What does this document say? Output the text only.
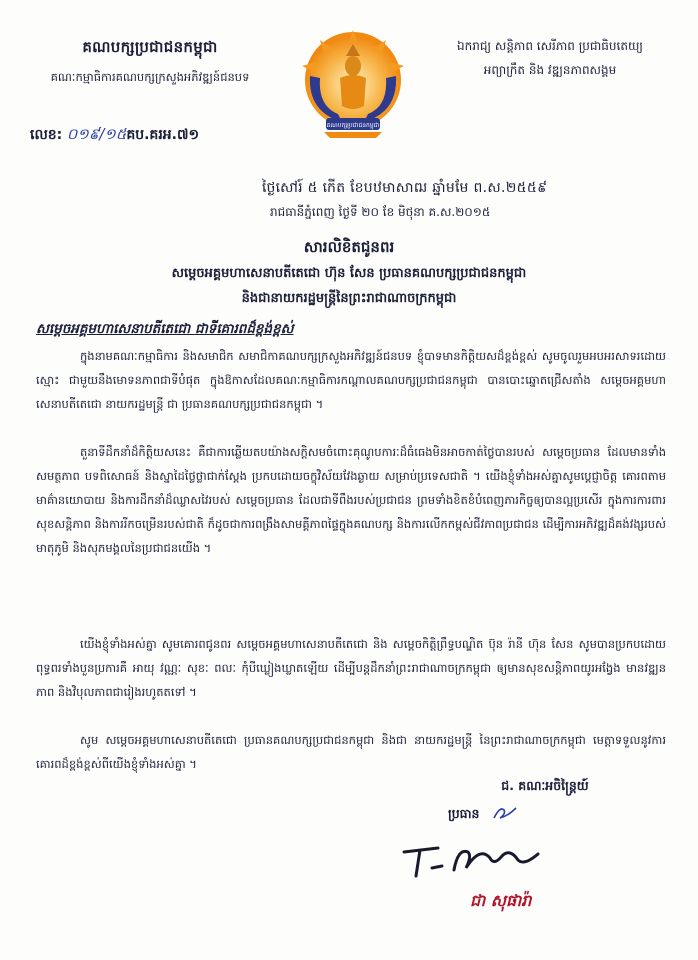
គណបក្សប្រជាជនកម្ពុជា
គណៈកម្មាធិការគណបក្សក្រសួងអភិវឌ្ឍន៍ជនបទ
គណបក្សប្រជាជនកម្ពុជា
ឯករាជ្យ សន្តិភាព សេរីភាព ប្រជាធិបតេយ្យ
អព្យាក្រឹត និង វឌ្ឍនភាពសង្គម
លេខ: ០១៩/១៥គប.គរអ.៧១
ថ្ងៃសៅរ៍ ៥ កើត ខែបឋមាសាឍ ឆ្នាំមមែ ព.ស.២៥៥៩
រាជធានីភ្នំពេញ ថ្ងៃទី ២០ ខែ មិថុនា គ.ស.២០១៥
សារលិខិតជូនពរ
សម្ដេចអគ្គមហាសេនាបតីតេជោ ហ៊ុន សែន ប្រធានគណបក្សប្រជាជនកម្ពុជា
និងជានាយករដ្ឋមន្ត្រីនៃព្រះរាជាណាចក្រកម្ពុជា
សម្ដេចអគ្គមហាសេនាបតីតេជោ ជាទីគោរពដ៏ខ្ពង់ខ្ពស់

ក្នុងនាមគណៈកម្មាធិការ និងសមាជិក សមាជិកាគណបក្សក្រសួងអភិវឌ្ឍន៍ជនបទ ខ្ញុំបាទមានកិត្តិយសដ៏ខ្ពង់ខ្ពស់ សូមចូលរួមអបអរសាទរដោយស្មោះ ជាមួយនឹងមោទនភាពជាទីបំផុត ក្នុងឱកាសដែលគណៈកម្មាធិការកណ្ដាលគណបក្សប្រជាជនកម្ពុជា បានបោះឆ្នោតជ្រើសតាំង សម្ដេចអគ្គមហាសេនាបតីតេជោ នាយករដ្ឋមន្ត្រី ជា ប្រធានគណបក្សប្រជាជនកម្ពុជា ។

តួនាទីដឹកនាំដ៏កិត្តិយសនេះ គឺជាការឆ្លើយតបយ៉ាងសក្តិសមចំពោះគុណូបការៈដ៏ធំធេងមិនអាចកាត់ថ្លៃបានរបស់ សម្ដេចប្រធាន ដែលមានទាំងសមត្ថភាព បទពិសោធន៍ និងស្នាដៃថ្លៃថ្លាជាក់ស្ដែង ប្រកបដោយចក្ខុវិស័យវែងឆ្ងាយ សម្រាប់ប្រទេសជាតិ ។ យើងខ្ញុំទាំងអស់គ្នាសូមប្ដេជ្ញាចិត្ត គោរពតាមមាគ៌ានយោបាយ និងការដឹកនាំដ៏ឈ្លាសវៃរបស់ សម្ដេចប្រធាន ដែលជាទីពឹងរបស់ប្រជាជន ព្រមទាំងខិតខំបំពេញភារកិច្ចឲ្យបានល្អប្រសើរ ក្នុងការការពារសុខសន្តិភាព និងការរីកចម្រើនរបស់ជាតិ ក៏ដូចជាការពង្រឹងសាមគ្គីភាពផ្ទៃក្នុងគណបក្ស និងការលើកកម្ពស់ជីវភាពប្រជាជន ដើម្បីការអភិវឌ្ឍដ៏គង់វង្សរបស់មាតុភូមិ និងសុភមង្គលនៃប្រជាជនយើង ។

យើងខ្ញុំទាំងអស់គ្នា សូមគោរពជូនពរ សម្ដេចអគ្គមហាសេនាបតីតេជោ និង សម្ដេចកិត្តិព្រឹទ្ធបណ្ឌិត ប៊ុន រ៉ានី ហ៊ុន សែន សូមបានប្រកបដោយពុទ្ធពរទាំងបួនប្រការគឺ អាយុ វណ្ណៈ សុខៈ ពលៈ កុំបីឃ្លៀងឃ្លាតឡើយ ដើម្បីបន្តដឹកនាំព្រះរាជាណាចក្រកម្ពុជា ឲ្យមានសុខសន្តិភាពយូរអង្វែង មានវឌ្ឍនភាព និងវិបុលភាពជារៀងរហូតតទៅ ។

សូម សម្ដេចអគ្គមហាសេនាបតីតេជោ ប្រធានគណបក្សប្រជាជនកម្ពុជា និងជា នាយករដ្ឋមន្ត្រី នៃព្រះរាជាណាចក្រកម្ពុជា មេត្តាទទួលនូវការគោរពដ៏ខ្ពង់ខ្ពស់ពីយើងខ្ញុំទាំងអស់គ្នា ។

ជ. គណៈអចិន្ត្រៃយ៍
ប្រធាន
ជា សុផារ៉ា
